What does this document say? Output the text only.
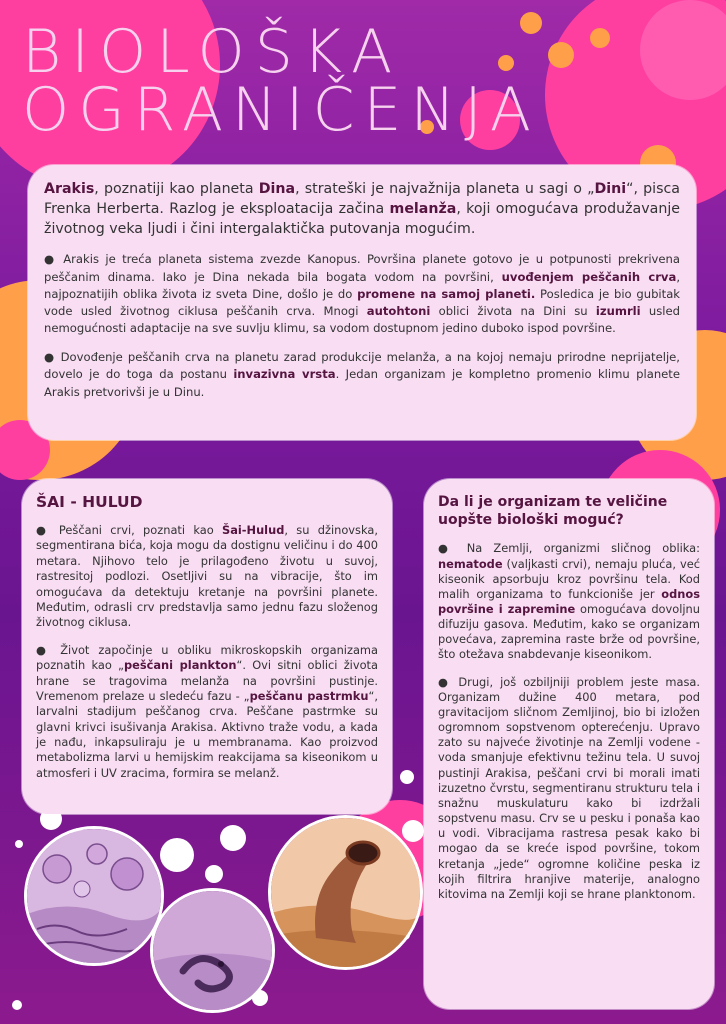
BIOLOŠKA
OGRANIČENJA

Arakis, poznatiji kao planeta Dina, strateški je najvažnija planeta u sagi o „Dini“, pisca Frenka Herberta. Razlog je eksploatacija začina melanža, koji omogućava produžavanje životnog veka ljudi i čini intergalaktička putovanja mogućim.

● Arakis je treća planeta sistema zvezde Kanopus. Površina planete gotovo je u potpunosti prekrivena peščanim dinama. Iako je Dina nekada bila bogata vodom na površini, uvođenjem peščanih crva, najpoznatijih oblika života iz sveta Dine, došlo je do promene na samoj planeti. Posledica je bio gubitak vode usled životnog ciklusa peščanih crva. Mnogi autohtoni oblici života na Dini su izumrli usled nemogućnosti adaptacije na sve suvlju klimu, sa vodom dostupnom jedino duboko ispod površine.

● Dovođenje peščanih crva na planetu zarad produkcije melanža, a na kojoj nemaju prirodne neprijatelje, dovelo je do toga da postanu invazivna vrsta. Jedan organizam je kompletno promenio klimu planete Arakis pretvorivši je u Dinu.

ŠAI - HULUD

● Peščani crvi, poznati kao Šai-Hulud, su džinovska, segmentirana bića, koja mogu da dostignu veličinu i do 400 metara. Njihovo telo je prilagođeno životu u suvoj, rastresitoj podlozi. Osetljivi su na vibracije, što im omogućava da detektuju kretanje na površini planete. Međutim, odrasli crv predstavlja samo jednu fazu složenog životnog ciklusa.

● Život započinje u obliku mikroskopskih organizama poznatih kao „peščani plankton“. Ovi sitni oblici života hrane se tragovima melanža na površini pustinje. Vremenom prelaze u sledeću fazu - „peščanu pastrmku“, larvalni stadijum peščanog crva. Peščane pastrmke su glavni krivci isušivanja Arakisa. Aktivno traže vodu, a kada je nađu, inkapsuliraju je u membranama. Kao proizvod metabolizma larvi u hemijskim reakcijama sa kiseonikom u atmosferi i UV zracima, formira se melanž.

Da li je organizam te veličine uopšte biološki moguć?

● Na Zemlji, organizmi sličnog oblika: nematode (valjkasti crvi), nemaju pluća, već kiseonik apsorbuju kroz površinu tela. Kod malih organizama to funkcioniše jer odnos površine i zapremine omogućava dovoljnu difuziju gasova. Međutim, kako se organizam povećava, zapremina raste brže od površine, što otežava snabdevanje kiseonikom.

● Drugi, još ozbiljniji problem jeste masa. Organizam dužine 400 metara, pod gravitacijom sličnom Zemljinoj, bio bi izložen ogromnom sopstvenom opterećenju. Upravo zato su najveće životinje na Zemlji vodene - voda smanjuje efektivnu težinu tela. U suvoj pustinji Arakisa, peščani crvi bi morali imati izuzetno čvrstu, segmentiranu strukturu tela i snažnu muskulaturu kako bi izdržali sopstvenu masu. Crv se u pesku i ponaša kao u vodi. Vibracijama rastresa pesak kako bi mogao da se kreće ispod površine, tokom kretanja „jede“ ogromne količine peska iz kojih filtrira hranjive materije, analogno kitovima na Zemlji koji se hrane planktonom.
